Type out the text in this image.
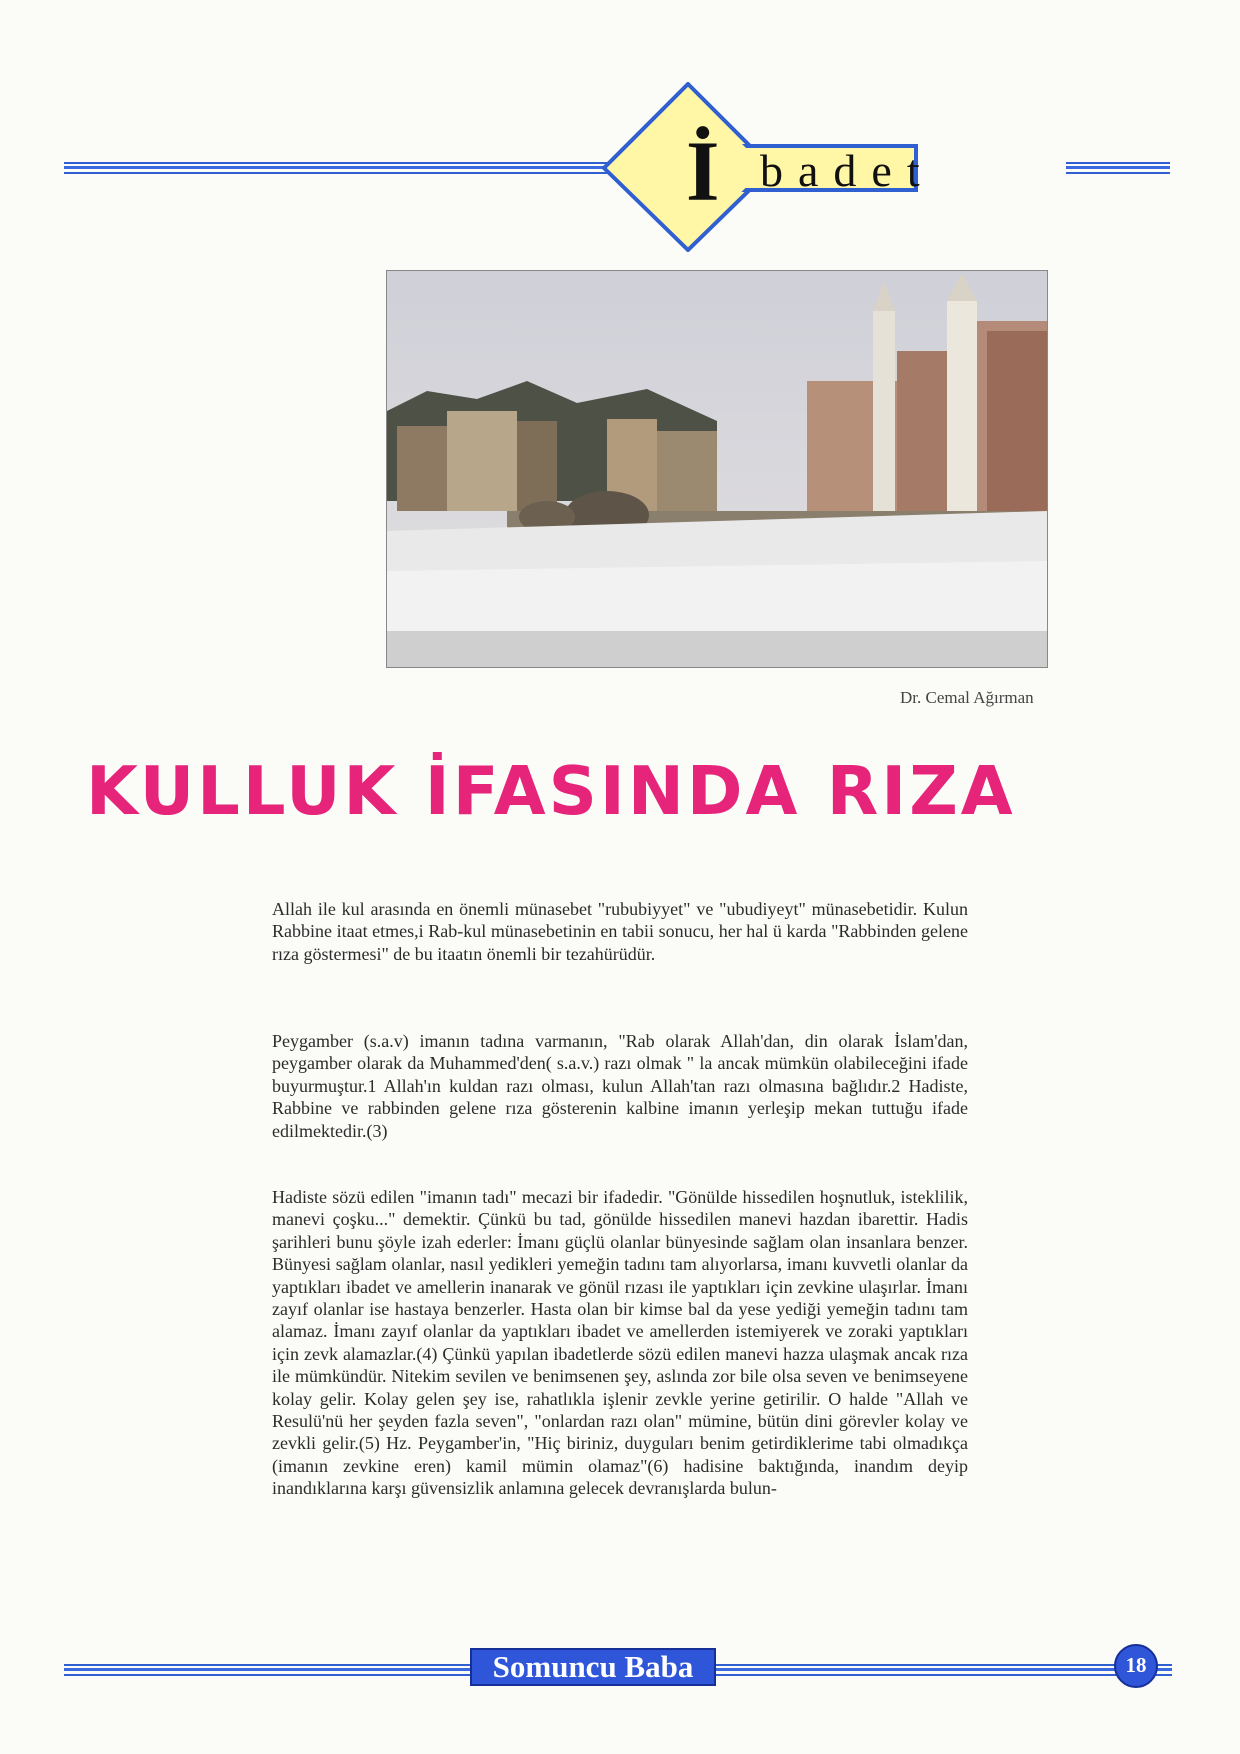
İ badet
Dr. Cemal Ağırman
KULLUK İFASINDA RIZA

Allah ile kul arasında en önemli münasebet "rububiyyet" ve "ubudiyeyt" münasebetidir. Kulun Rabbine itaat etmes,i Rab-kul münasebetinin en tabii sonucu, her hal ü karda "Rabbinden gelene rıza göstermesi" de bu itaatın önemli bir tezahürüdür.

Peygamber (s.a.v) imanın tadına varmanın, "Rab olarak Allah'dan, din olarak İslam'dan, peygamber olarak da Muhammed'den( s.a.v.) razı olmak " la ancak mümkün olabileceğini ifade buyurmuştur.1 Allah'ın kuldan razı olması, kulun Allah'tan razı olmasına bağlıdır.2 Hadiste, Rabbine ve rabbinden gelene rıza gösterenin kalbine imanın yerleşip mekan tuttuğu ifade edilmektedir.(3)

Hadiste sözü edilen "imanın tadı" mecazi bir ifadedir. "Gönülde hissedilen hoşnutluk, isteklilik, manevi çoşku..." demektir. Çünkü bu tad, gönülde hissedilen manevi hazdan ibarettir. Hadis şarihleri bunu şöyle izah ederler: İmanı güçlü olanlar bünyesinde sağlam olan insanlara benzer. Bünyesi sağlam olanlar, nasıl yedikleri yemeğin tadını tam alıyorlarsa, imanı kuvvetli olanlar da yaptıkları ibadet ve amellerin inanarak ve gönül rızası ile yaptıkları için zevkine ulaşırlar. İmanı zayıf olanlar ise hastaya benzerler. Hasta olan bir kimse bal da yese yediği yemeğin tadını tam alamaz. İmanı zayıf olanlar da yaptıkları ibadet ve amellerden istemiyerek ve zoraki yaptıkları için zevk alamazlar.(4) Çünkü yapılan ibadetlerde sözü edilen manevi hazza ulaşmak ancak rıza ile mümkündür. Nitekim sevilen ve benimsenen şey, aslında zor bile olsa seven ve benimseyene kolay gelir. Kolay gelen şey ise, rahatlıkla işlenir zevkle yerine getirilir. O halde "Allah ve Resulü'nü her şeyden fazla seven", "onlardan razı olan" mümine, bütün dini görevler kolay ve zevkli gelir.(5) Hz. Peygamber'in, "Hiç biriniz, duyguları benim getirdiklerime tabi olmadıkça (imanın zevkine eren) kamil mümin olamaz"(6) hadisine baktığında, inandım deyip inandıklarına karşı güvensizlik anlamına gelecek devranışlarda bulun-

Somuncu Baba	18
